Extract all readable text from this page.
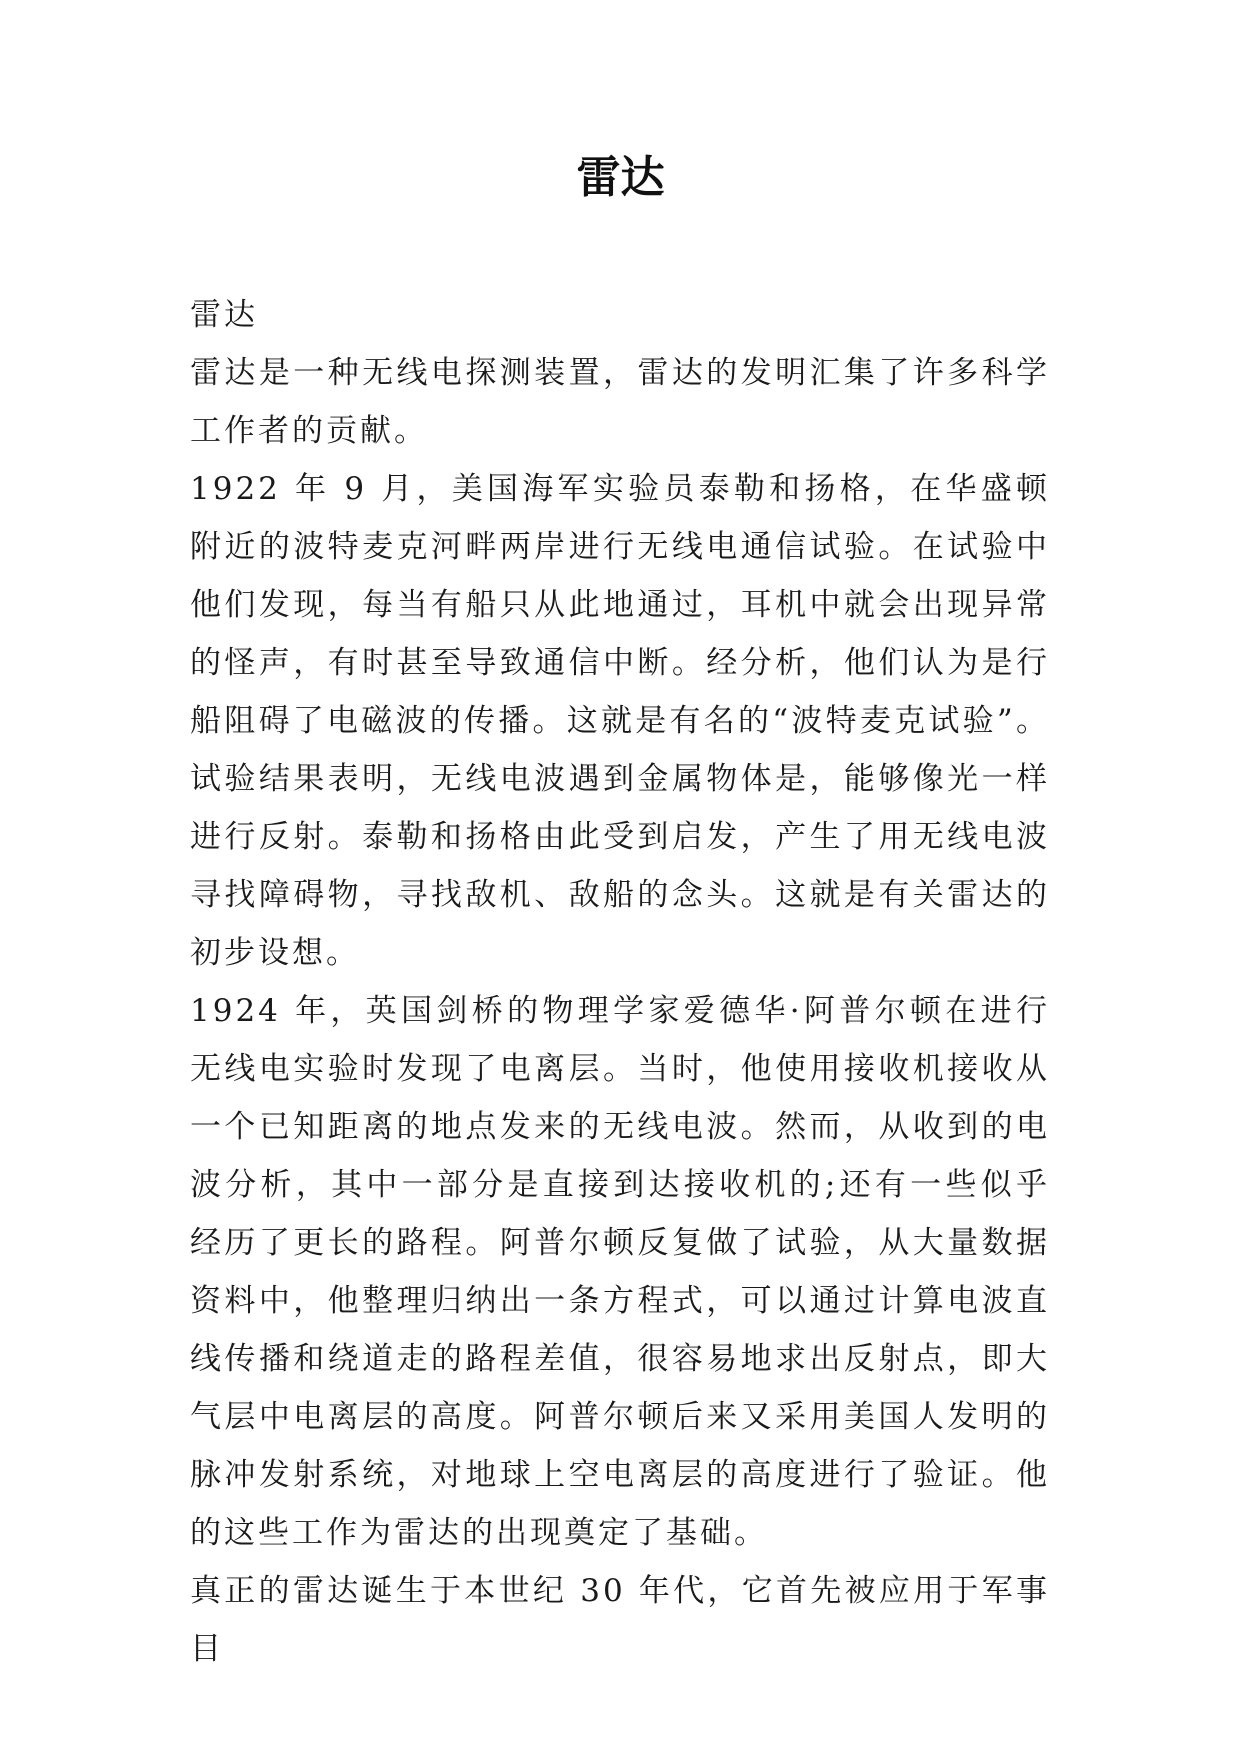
雷达

雷达

雷达是一种无线电探测装置，雷达的发明汇集了许多科学工作者的贡献。

1922 年 9 月，美国海军实验员泰勒和扬格，在华盛顿附近的波特麦克河畔两岸进行无线电通信试验。在试验中他们发现，每当有船只从此地通过，耳机中就会出现异常的怪声，有时甚至导致通信中断。经分析，他们认为是行船阻碍了电磁波的传播。这就是有名的“波特麦克试验”。试验结果表明，无线电波遇到金属物体是，能够像光一样进行反射。泰勒和扬格由此受到启发，产生了用无线电波寻找障碍物，寻找敌机、敌船的念头。这就是有关雷达的初步设想。

1924 年，英国剑桥的物理学家爱德华·阿普尔顿在进行无线电实验时发现了电离层。当时，他使用接收机接收从一个已知距离的地点发来的无线电波。然而，从收到的电波分析，其中一部分是直接到达接收机的;还有一些似乎经历了更长的路程。阿普尔顿反复做了试验，从大量数据资料中，他整理归纳出一条方程式，可以通过计算电波直线传播和绕道走的路程差值，很容易地求出反射点，即大气层中电离层的高度。阿普尔顿后来又采用美国人发明的脉冲发射系统，对地球上空电离层的高度进行了验证。他的这些工作为雷达的出现奠定了基础。

真正的雷达诞生于本世纪 30 年代，它首先被应用于军事目
